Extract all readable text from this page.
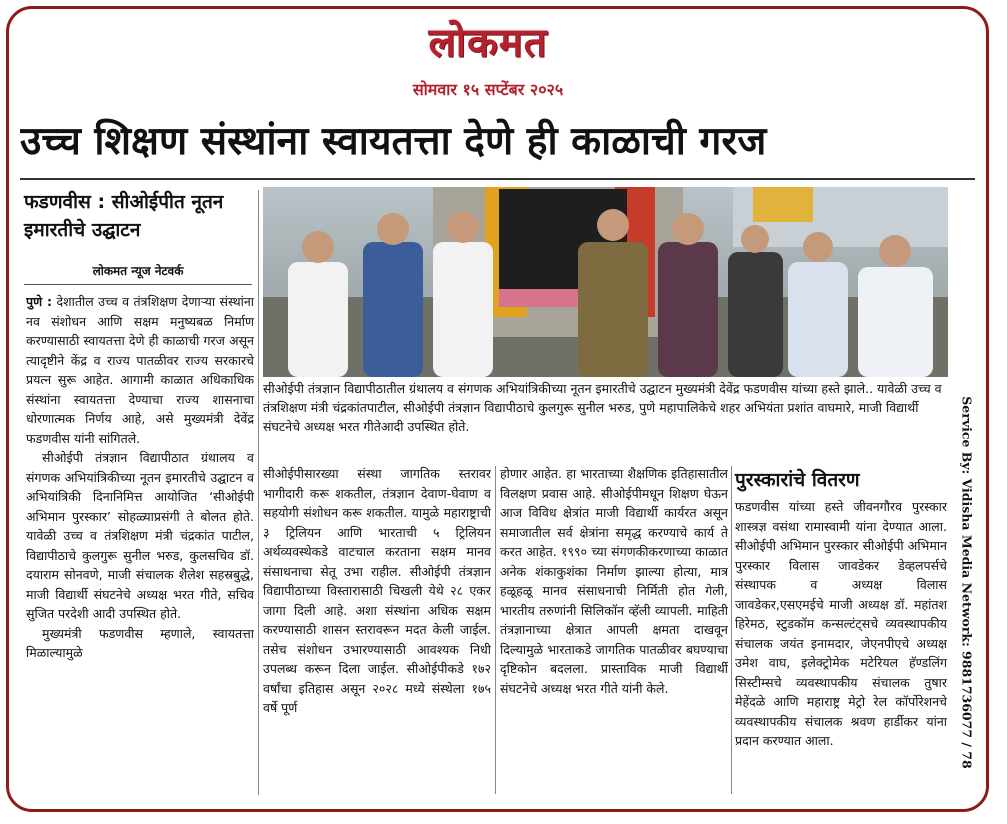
लोकमत
सोमवार १५ सप्टेंबर २०२५
उच्च शिक्षण संस्थांना स्वायतत्ता देणे ही काळाची गरज
फडणवीस : सीओईपीत नूतन इमारतीचे उद्घाटन
लोकमत न्यूज नेटवर्क

पुणे : देशातील उच्च व तंत्रशिक्षण देणाऱ्या संस्थांना नव संशोधन आणि सक्षम मनुष्यबळ निर्माण करण्यासाठी स्वायतत्ता देणे ही काळाची गरज असून त्यादृष्टीने केंद्र व राज्य पातळीवर राज्य सरकारचे प्रयत्न सुरू आहेत. आगामी काळात अधिकाधिक संस्थांना स्वायतत्ता देण्याचा राज्य शासनाचा धोरणात्मक निर्णय आहे, असे मुख्यमंत्री देवेंद्र फडणवीस यांनी सांगितले.

सीओईपी तंत्रज्ञान विद्यापीठात ग्रंथालय व संगणक अभियांत्रिकीच्या नूतन इमारतीचे उद्घाटन व अभियांत्रिकी दिनानिमित्त आयोजित ‘सीओईपी अभिमान पुरस्कार’ सोहळ्याप्रसंगी ते बोलत होते. यावेळी उच्च व तंत्रशिक्षण मंत्री चंद्रकांत पाटील, विद्यापीठाचे कुलगुरू सुनील भरुड, कुलसचिव डॉ. दयाराम सोनवणे, माजी संचालक शैलेश सहस्रबुद्धे, माजी विद्यार्थी संघटनेचे अध्यक्ष भरत गीते, सचिव सुजित परदेशी आदी उपस्थित होते.

मुख्यमंत्री फडणवीस म्हणाले, स्वायतत्ता मिळाल्यामुळे

सीओईपी तंत्रज्ञान विद्यापीठातील ग्रंथालय व संगणक अभियांत्रिकीच्या नूतन इमारतीचे उद्घाटन मुख्यमंत्री देवेंद्र फडणवीस यांच्या हस्ते झाले.. यावेळी उच्च व तंत्रशिक्षण मंत्री चंद्रकांतपाटील, सीओईपी तंत्रज्ञान विद्यापीठाचे कुलगुरू सुनील भरुड, पुणे महापालिकेचे शहर अभियंता प्रशांत वाघमारे, माजी विद्यार्थी संघटनेचे अध्यक्ष भरत गीतेआदी उपस्थित होते.

सीओईपीसारख्या संस्था जागतिक स्तरावर भागीदारी करू शकतील, तंत्रज्ञान देवाण-घेवाण व सहयोगी संशोधन करू शकतील. यामुळे महाराष्ट्राची ३ ट्रिलियन आणि भारताची ५ ट्रिलियन अर्थव्यवस्थेकडे वाटचाल करताना सक्षम मानव संसाधनाचा सेतू उभा राहील. सीओईपी तंत्रज्ञान विद्यापीठाच्या विस्तारासाठी चिखली येथे २८ एकर जागा दिली आहे. अशा संस्थांना अधिक सक्षम करण्यासाठी शासन स्तरावरून मदत केली जाईल. तसेच संशोधन उभारण्यासाठी आवश्यक निधी उपलब्ध करून दिला जाईल. सीओईपीकडे १७२ वर्षांचा इतिहास असून २०२८ मध्ये संस्थेला १७५ वर्षे पूर्ण

होणार आहेत. हा भारताच्या शैक्षणिक इतिहासातील विलक्षण प्रवास आहे. सीओईपीमधून शिक्षण घेऊन आज विविध क्षेत्रांत माजी विद्यार्थी कार्यरत असून समाजातील सर्व क्षेत्रांना समृद्ध करण्याचे कार्य ते करत आहेत. १९९० च्या संगणकीकरणाच्या काळात अनेक शंकाकुशंका निर्माण झाल्या होत्या, मात्र हळूहळू मानव संसाधनाची निर्मिती होत गेली, भारतीय तरुणांनी सिलिकॉन व्हॅली व्यापली. माहिती तंत्रज्ञानाच्या क्षेत्रात आपली क्षमता दाखवून दिल्यामुळे भारताकडे जागतिक पातळीवर बघण्याचा दृष्टिकोन बदलला. प्रास्ताविक माजी विद्यार्थी संघटनेचे अध्यक्ष भरत गीते यांनी केले.

पुरस्कारांचे वितरण

फडणवीस यांच्या हस्ते जीवनगौरव पुरस्कार शास्त्रज्ञ वसंथा रामास्वामी यांना देण्यात आला. सीओईपी अभिमान पुरस्कार सीओईपी अभिमान पुरस्कार विलास जावडेकर डेव्हलपर्सचे संस्थापक व अध्यक्ष विलास जावडेकर,एसएमईचे माजी अध्यक्ष डॉ. महांतश हिरेमठ, स्टुडकॉम कन्सल्टंट्सचे व्यवस्थापकीय संचालक जयंत इनामदार, जेएनपीएचे अध्यक्ष उमेश वाघ, इलेक्ट्रोमेक मटेरियल हॅण्डलिंग सिस्टीम्सचे व्यवस्थापकीय संचालक तुषार मेहेंदळे आणि महाराष्ट्र मेट्रो रेल कॉर्पोरेशनचे व्यवस्थापकीय संचालक श्रवण हार्डीकर यांना प्रदान करण्यात आला.	Service By: Vidisha Media Network: 9881736077 / 78
